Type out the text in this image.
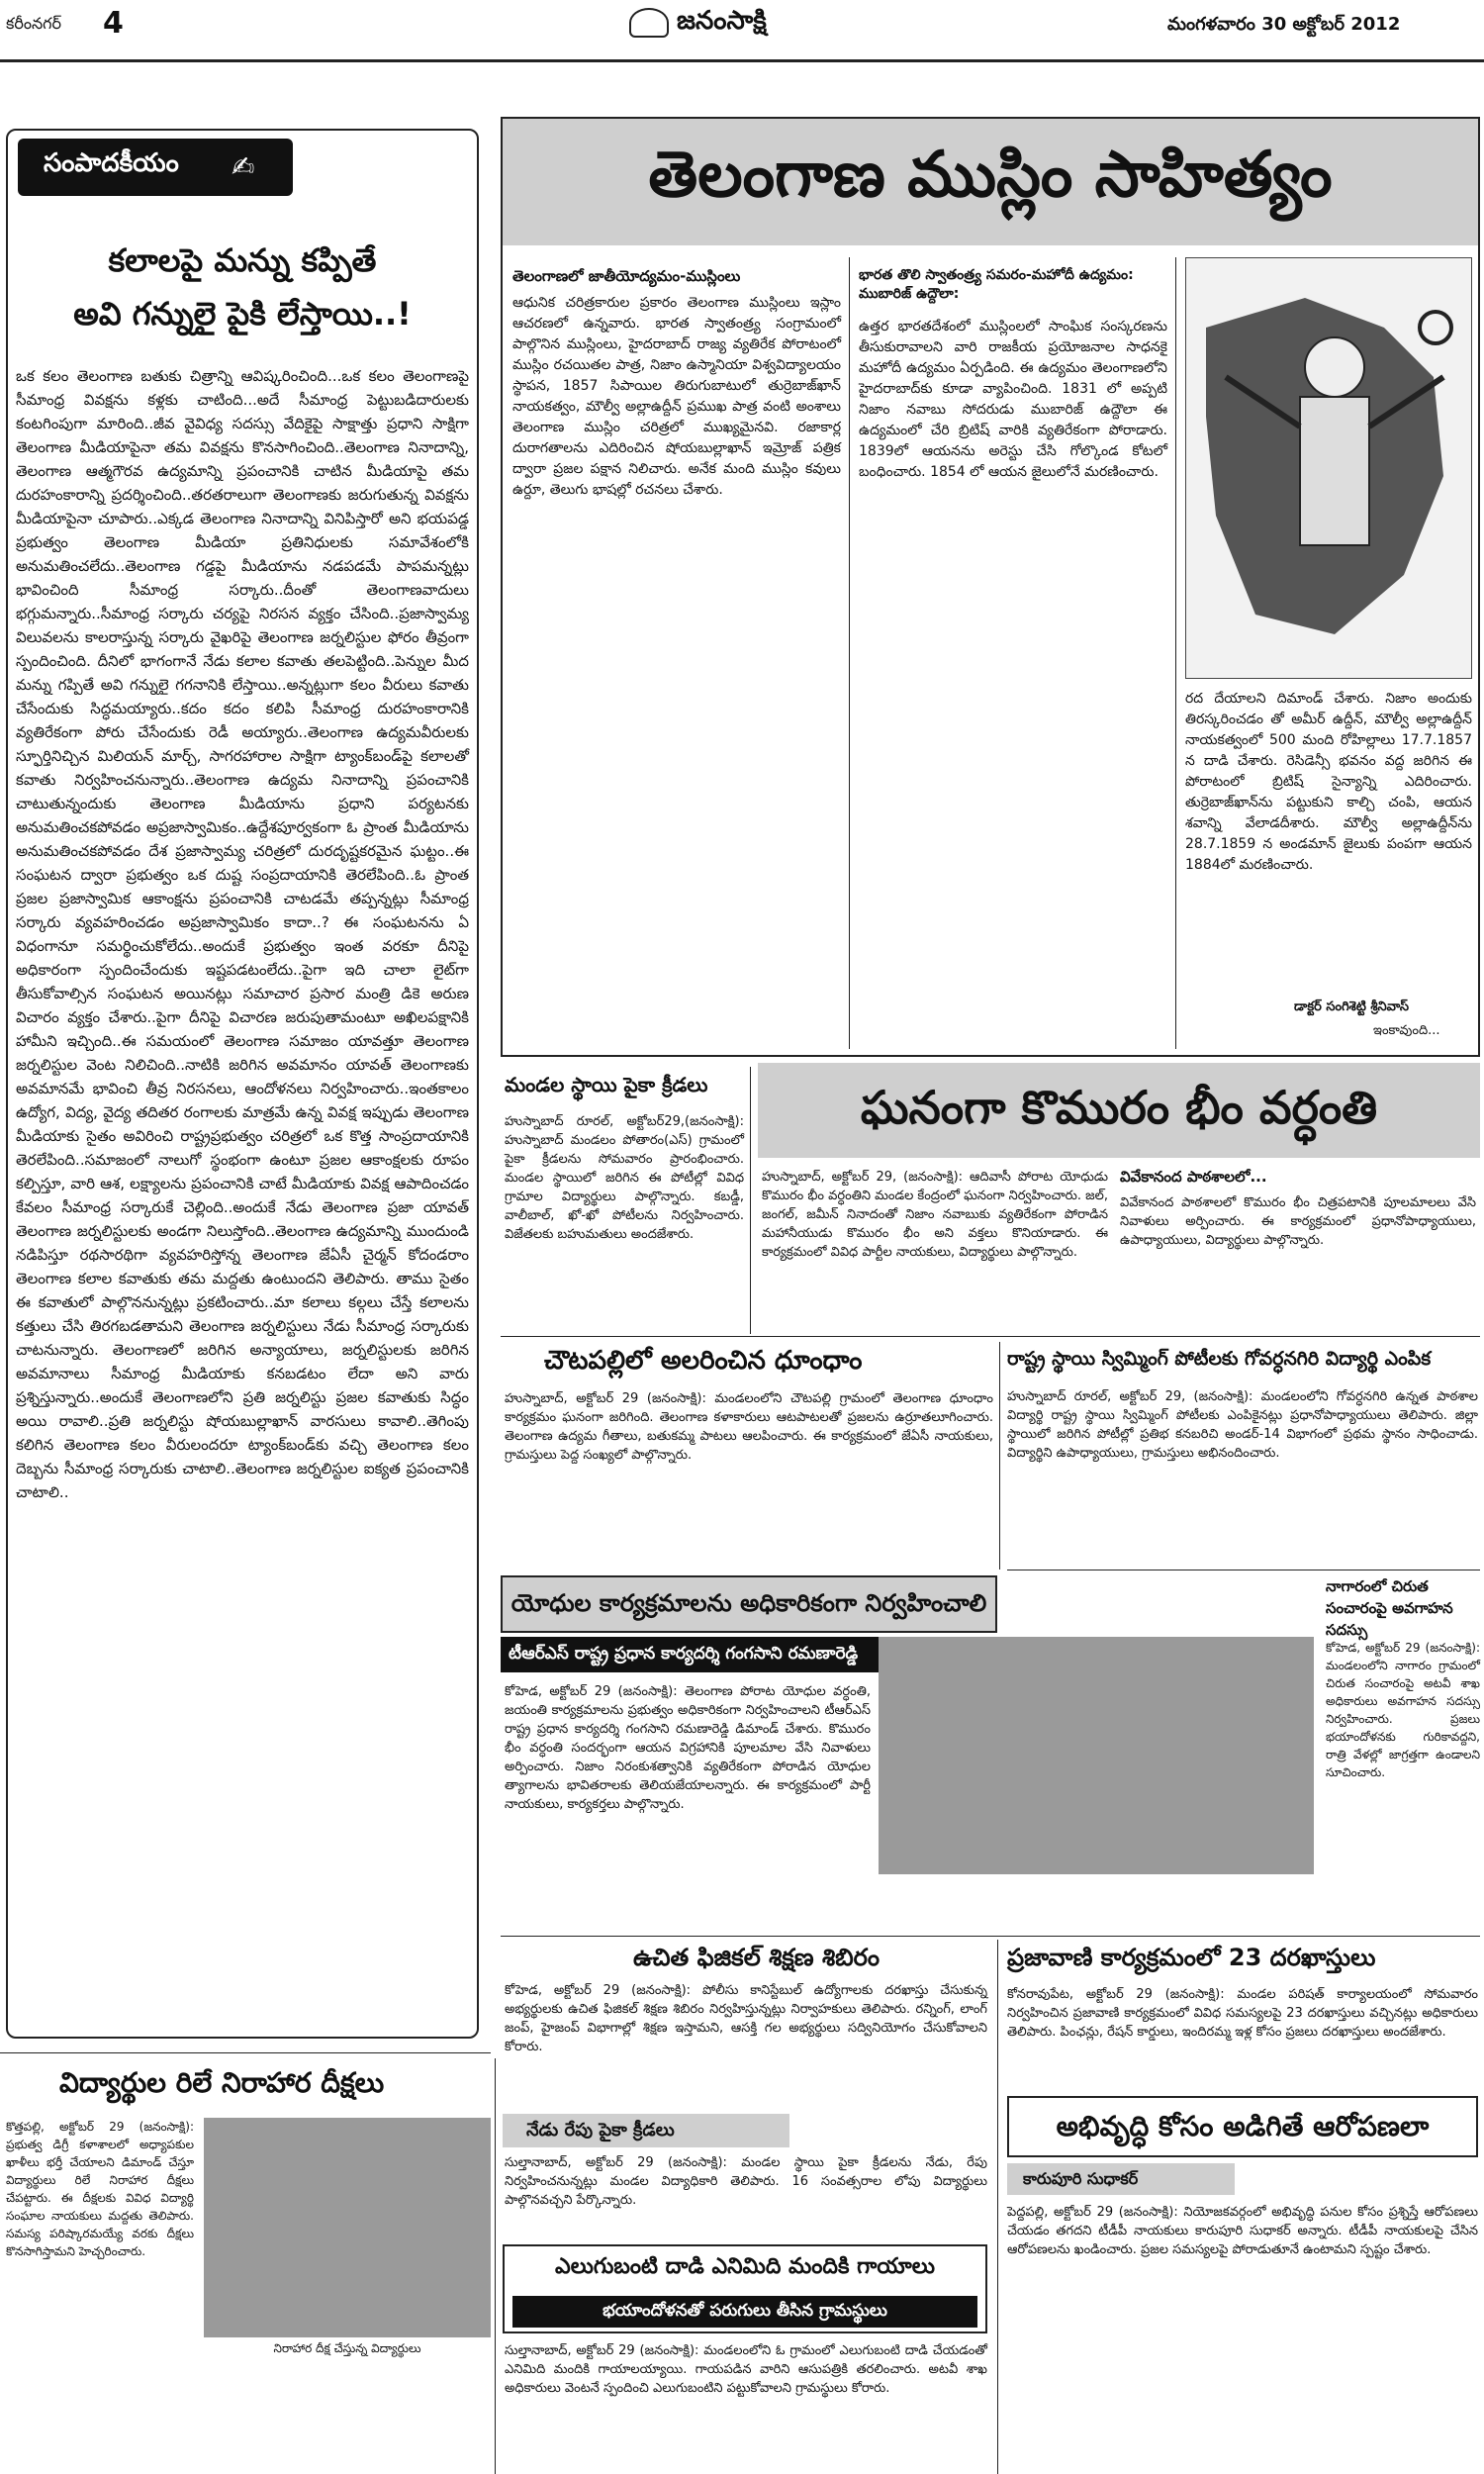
కరీంనగర్ 4	జనంసాక్షి	మంగళవారం 30 అక్టోబర్ 2012
సంపాదకీయం ✍
కలాలపై మన్ను కప్పితే
అవి గన్నులై పైకి లేస్తాయి..!
ఒక కలం తెలంగాణ బతుకు చిత్రాన్ని ఆవిష్కరించింది...ఒక కలం తెలంగాణపై సీమాంధ్ర వివక్షను కళ్లకు చాటింది...అదే సీమాంధ్ర పెట్టుబడిదారులకు కంటగింపుగా మారింది..జీవ వైవిధ్య సదస్సు వేదికైపై సాక్షాత్తు ప్రధాని సాక్షిగా తెలంగాణ మీడియాపైనా తమ వివక్షను కొనసాగించింది..తెలంగాణ నినాదాన్ని, తెలంగాణ ఆత్మగౌరవ ఉద్యమాన్ని ప్రపంచానికి చాటిన మీడియాపై తమ దురహంకారాన్ని ప్రదర్శించింది..తరతరాలుగా తెలంగాణకు జరుగుతున్న వివక్షను మీడియాపైనా చూపారు..ఎక్కడ తెలంగాణ నినాదాన్ని వినిపిస్తారో అని భయపడ్డ ప్రభుత్వం తెలంగాణ మీడియా ప్రతినిధులకు సమావేశంలోకి అనుమతించలేదు..తెలంగాణ గడ్డపై మీడియాను నడపడమే పాపమన్నట్లు భావించింది సీమాంధ్ర సర్కారు..దీంతో తెలంగాణవాదులు భగ్గుమన్నారు..సీమాంధ్ర సర్కారు చర్యపై నిరసన వ్యక్తం చేసింది..ప్రజాస్వామ్య విలువలను కాలరాస్తున్న సర్కారు వైఖరిపై తెలంగాణ జర్నలిస్టుల ఫోరం తీవ్రంగా స్పందించింది. దీనిలో భాగంగానే నేడు కలాల కవాతు తలపెట్టింది..పెన్నుల మీద మన్ను గప్పితే అవి గన్నులై గగనానికి లేస్తాయి..అన్నట్లుగా కలం వీరులు కవాతు చేసేందుకు సిద్ధమయ్యారు..కదం కదం కలిపి సీమాంధ్ర దురహంకారానికి వ్యతిరేకంగా పోరు చేసేందుకు రెడీ అయ్యారు..తెలంగాణ ఉద్యమవీరులకు స్ఫూర్తినిచ్చిన మిలియన్ మార్చ్, సాగరహారాల సాక్షిగా ట్యాంక్‌బండ్‌పై కలాలతో కవాతు నిర్వహించనున్నారు..తెలంగాణ ఉద్యమ నినాదాన్ని ప్రపంచానికి చాటుతున్నందుకు తెలంగాణ మీడియాను ప్రధాని పర్యటనకు అనుమతించకపోవడం అప్రజాస్వామికం..ఉద్దేశపూర్వకంగా ఓ ప్రాంత మీడియాను అనుమతించకపోవడం దేశ ప్రజాస్వామ్య చరిత్రలో దురదృష్టకరమైన ఘట్టం..ఈ సంఘటన ద్వారా ప్రభుత్వం ఒక దుష్ట సంప్రదాయానికి తెరలేపింది..ఓ ప్రాంత ప్రజల ప్రజాస్వామిక ఆకాంక్షను ప్రపంచానికి చాటడమే తప్పన్నట్లు సీమాంధ్ర సర్కారు వ్యవహరించడం అప్రజాస్వామికం కాదా..? ఈ సంఘటనను ఏ విధంగానూ సమర్థించుకోలేదు..అందుకే ప్రభుత్వం ఇంత వరకూ దీనిపై అధికారంగా స్పందించేందుకు ఇష్టపడటంలేదు..పైగా ఇది చాలా లైట్‌గా తీసుకోవాల్సిన సంఘటన అయినట్లు సమాచార ప్రసార మంత్రి డికె అరుణ విచారం వ్యక్తం చేశారు..పైగా దీనిపై విచారణ జరుపుతామంటూ అఖిలపక్షానికి హామీని ఇచ్చింది..ఈ సమయంలో తెలంగాణ సమాజం యావత్తూ తెలంగాణ జర్నలిస్టుల వెంట నిలిచింది..నాటికి జరిగిన అవమానం యావత్ తెలంగాణకు అవమానమే భావించి తీవ్ర నిరసనలు, ఆందోళనలు నిర్వహించారు..ఇంతకాలం ఉద్యోగ, విద్య, వైద్య తదితర రంగాలకు మాత్రమే ఉన్న వివక్ష ఇప్పుడు తెలంగాణ మీడియాకు సైతం అవిరించి రాష్ట్రప్రభుత్వం చరిత్రలో ఒక కొత్త సాంప్రదాయానికి తెరలేపింది..సమాజంలో నాలుగో స్థంభంగా ఉంటూ ప్రజల ఆకాంక్షలకు రూపం కల్పిస్తూ, వారి ఆశ, లక్ష్యాలను ప్రపంచానికి చాటే మీడియాకు వివక్ష ఆపాదించడం కేవలం సీమాంధ్ర సర్కారుకే చెల్లింది..అందుకే నేడు తెలంగాణ ప్రజా యావత్ తెలంగాణ జర్నలిస్టులకు అండగా నిలుస్తోంది..తెలంగాణ ఉద్యమాన్ని ముందుండి నడిపిస్తూ రథసారథిగా వ్యవహరిస్తోన్న తెలంగాణ జేఏసీ చైర్మన్ కోదండరాం తెలంగాణ కలాల కవాతుకు తమ మద్దతు ఉంటుందని తెలిపారు. తాము సైతం ఈ కవాతులో పాల్గొననున్నట్లు ప్రకటించారు..మా కలాలు కల్గలు చేస్తే కలాలను కత్తులు చేసి తిరగబడతామని తెలంగాణ జర్నలిస్టులు నేడు సీమాంధ్ర సర్కారుకు చాటనున్నారు. తెలంగాణలో జరిగిన అన్యాయాలు, జర్నలిస్టులకు జరిగిన అవమానాలు సీమాంధ్ర మీడియాకు కనబడటం లేదా అని వారు ప్రశ్నిస్తున్నారు..అందుకే తెలంగాణలోని ప్రతి జర్నలిస్టు ప్రజల కవాతుకు సిద్ధం అయి రావాలి..ప్రతి జర్నలిస్టు షోయబుల్లాఖాన్ వారసులు కావాలి..తెగింపు కలిగిన తెలంగాణ కలం వీరులందరూ ట్యాంక్‌బండ్‌కు వచ్చి తెలంగాణ కలం దెబ్బను సీమాంధ్ర సర్కారుకు చాటాలి..తెలంగాణ జర్నలిస్టుల ఐక్యత ప్రపంచానికి చాటాలి..
తెలంగాణ ముస్లిం సాహిత్యం
తెలంగాణలో జాతీయోద్యమం-ముస్లింలు
ఆధునిక చరిత్రకారుల ప్రకారం తెలంగాణ ముస్లింలు ఇస్లాం ఆచరణలో ఉన్నవారు. భారత స్వాతంత్ర్య సంగ్రామంలో పాల్గొనిన ముస్లింలు, హైదరాబాద్ రాజ్య వ్యతిరేక పోరాటంలో ముస్లిం రచయితల పాత్ర, నిజాం ఉస్మానియా విశ్వవిద్యాలయం స్థాపన, 1857 సిపాయిల తిరుగుబాటులో తుర్రెబాజ్‌ఖాన్ నాయకత్వం, మౌల్వీ అల్లాఉద్దీన్ ప్రముఖ పాత్ర వంటి అంశాలు తెలంగాణ ముస్లిం చరిత్రలో ముఖ్యమైనవి. రజాకార్ల దురాగతాలను ఎదిరించిన షోయబుల్లాఖాన్ ఇమ్రోజ్ పత్రిక ద్వారా ప్రజల పక్షాన నిలిచారు. అనేక మంది ముస్లిం కవులు ఉర్దూ, తెలుగు భాషల్లో రచనలు చేశారు.
భారత తొలి స్వాతంత్ర్య సమరం-మహోదీ ఉద్యమం: ముబారిజ్ ఉద్దౌలా:
ఉత్తర భారతదేశంలో ముస్లింలలో సాంఘిక సంస్కరణను తీసుకురావాలని వారి రాజకీయ ప్రయోజనాల సాధనకై మహోదీ ఉద్యమం ఏర్పడింది. ఈ ఉద్యమం తెలంగాణలోని హైదరాబాద్‌కు కూడా వ్యాపించింది. 1831 లో అప్పటి నిజాం నవాబు సోదరుడు ముబారిజ్ ఉద్దౌలా ఈ ఉద్యమంలో చేరి బ్రిటిష్ వారికి వ్యతిరేకంగా పోరాడారు. 1839లో ఆయనను అరెస్టు చేసి గోల్కొండ కోటలో బంధించారు. 1854 లో ఆయన జైలులోనే మరణించారు.
రద దేయాలని దిమాండ్ చేశారు. నిజాం అందుకు తిరస్కరించడం తో అమీర్ ఉద్దీన్, మౌల్వీ అల్లాఉద్దీన్ నాయకత్వంలో 500 మంది రోహిల్లాలు 17.7.1857 న దాడి చేశారు. రెసిడెన్సీ భవనం వద్ద జరిగిన ఈ పోరాటంలో బ్రిటిష్ సైన్యాన్ని ఎదిరించారు. తుర్రెబాజ్‌ఖాన్‌ను పట్టుకుని కాల్చి చంపి, ఆయన శవాన్ని వేలాడదీశారు. మౌల్వీ అల్లాఉద్దీన్‌ను 28.7.1859 న అండమాన్ జైలుకు పంపగా ఆయన 1884లో మరణించారు.
డాక్టర్ సంగిశెట్టి శ్రీనివాస్
ఇంకావుంది...
మండల స్థాయి పైకా క్రీడలు
హుస్నాబాద్ రూరల్, అక్టోబర్29,(జనంసాక్షి): హుస్నాబాద్ మండలం పోతారం(ఎస్) గ్రామంలో పైకా క్రీడలను సోమవారం ప్రారంభించారు. మండల స్థాయిలో జరిగిన ఈ పోటీల్లో వివిధ గ్రామాల విద్యార్థులు పాల్గొన్నారు. కబడ్డీ, వాలీబాల్, ఖో-ఖో పోటీలను నిర్వహించారు. విజేతలకు బహుమతులు అందజేశారు.
ఘనంగా కొమురం భీం వర్ధంతి
హుస్నాబాద్, అక్టోబర్ 29, (జనంసాక్షి): ఆదివాసీ పోరాట యోధుడు కొమురం భీం వర్ధంతిని మండల కేంద్రంలో ఘనంగా నిర్వహించారు. జల్, జంగల్, జమీన్ నినాదంతో నిజాం నవాబుకు వ్యతిరేకంగా పోరాడిన మహానీయుడు కొమురం భీం అని వక్తలు కొనియాడారు. ఈ కార్యక్రమంలో వివిధ పార్టీల నాయకులు, విద్యార్థులు పాల్గొన్నారు.
వివేకానంద పాఠశాలలో...
వివేకానంద పాఠశాలలో కొమురం భీం చిత్రపటానికి పూలమాలలు వేసి నివాళులు అర్పించారు. ఈ కార్యక్రమంలో ప్రధానోపాధ్యాయులు, ఉపాధ్యాయులు, విద్యార్థులు పాల్గొన్నారు.
చౌటపల్లిలో అలరించిన ధూంధాం
హుస్నాబాద్, అక్టోబర్ 29 (జనంసాక్షి): మండలంలోని చౌటపల్లి గ్రామంలో తెలంగాణ ధూంధాం కార్యక్రమం ఘనంగా జరిగింది. తెలంగాణ కళాకారులు ఆటపాటలతో ప్రజలను ఉర్రూతలూగించారు. తెలంగాణ ఉద్యమ గీతాలు, బతుకమ్మ పాటలు ఆలపించారు. ఈ కార్యక్రమంలో జేఏసీ నాయకులు, గ్రామస్తులు పెద్ద సంఖ్యలో పాల్గొన్నారు.
రాష్ట్ర స్థాయి స్విమ్మింగ్ పోటీలకు గోవర్ధనగిరి విద్యార్థి ఎంపిక
హుస్నాబాద్ రూరల్, అక్టోబర్ 29, (జనంసాక్షి): మండలంలోని గోవర్ధనగిరి ఉన్నత పాఠశాల విద్యార్థి రాష్ట్ర స్థాయి స్విమ్మింగ్ పోటీలకు ఎంపికైనట్లు ప్రధానోపాధ్యాయులు తెలిపారు. జిల్లా స్థాయిలో జరిగిన పోటీల్లో ప్రతిభ కనబరిచి అండర్-14 విభాగంలో ప్రథమ స్థానం సాధించాడు. విద్యార్థిని ఉపాధ్యాయులు, గ్రామస్తులు అభినందించారు.
యోధుల కార్యక్రమాలను అధికారికంగా నిర్వహించాలి
టీఆర్ఎస్ రాష్ట్ర ప్రధాన కార్యదర్శి గంగసాని రమణారెడ్డి
కోహెడ, అక్టోబర్ 29 (జనంసాక్షి): తెలంగాణ పోరాట యోధుల వర్ధంతి, జయంతి కార్యక్రమాలను ప్రభుత్వం అధికారికంగా నిర్వహించాలని టీఆర్ఎస్ రాష్ట్ర ప్రధాన కార్యదర్శి గంగసాని రమణారెడ్డి డిమాండ్ చేశారు. కొమురం భీం వర్ధంతి సందర్భంగా ఆయన విగ్రహానికి పూలమాల వేసి నివాళులు అర్పించారు. నిజాం నిరంకుశత్వానికి వ్యతిరేకంగా పోరాడిన యోధుల త్యాగాలను భావితరాలకు తెలియజేయాలన్నారు. ఈ కార్యక్రమంలో పార్టీ నాయకులు, కార్యకర్తలు పాల్గొన్నారు.
నాగారంలో చిరుత సంచారంపై అవగాహన సదస్సు
కోహెడ, అక్టోబర్ 29 (జనంసాక్షి): మండలంలోని నాగారం గ్రామంలో చిరుత సంచారంపై అటవీ శాఖ అధికారులు అవగాహన సదస్సు నిర్వహించారు. ప్రజలు భయాందోళనకు గురికావద్దని, రాత్రి వేళల్లో జాగ్రత్తగా ఉండాలని సూచించారు.
ఉచిత ఫిజికల్ శిక్షణ శిబిరం
కోహెడ, అక్టోబర్ 29 (జనంసాక్షి): పోలీసు కానిస్టేబుల్ ఉద్యోగాలకు దరఖాస్తు చేసుకున్న అభ్యర్థులకు ఉచిత ఫిజికల్ శిక్షణ శిబిరం నిర్వహిస్తున్నట్లు నిర్వాహకులు తెలిపారు. రన్నింగ్, లాంగ్ జంప్, హైజంప్ విభాగాల్లో శిక్షణ ఇస్తామని, ఆసక్తి గల అభ్యర్థులు సద్వినియోగం చేసుకోవాలని కోరారు.
ప్రజావాణి కార్యక్రమంలో 23 దరఖాస్తులు
కోనరావుపేట, అక్టోబర్ 29 (జనంసాక్షి): మండల పరిషత్ కార్యాలయంలో సోమవారం నిర్వహించిన ప్రజావాణి కార్యక్రమంలో వివిధ సమస్యలపై 23 దరఖాస్తులు వచ్చినట్లు అధికారులు తెలిపారు. పింఛన్లు, రేషన్ కార్డులు, ఇందిరమ్మ ఇళ్ల కోసం ప్రజలు దరఖాస్తులు అందజేశారు.
నేడు రేపు పైకా క్రీడలు
సుల్తానాబాద్, అక్టోబర్ 29 (జనంసాక్షి): మండల స్థాయి పైకా క్రీడలను నేడు, రేపు నిర్వహించనున్నట్లు మండల విద్యాధికారి తెలిపారు. 16 సంవత్సరాల లోపు విద్యార్థులు పాల్గొనవచ్చని పేర్కొన్నారు.
ఎలుగుబంటి దాడి ఎనిమిది మందికి గాయాలు
భయాందోళనతో పరుగులు తీసిన గ్రామస్థులు
సుల్తానాబాద్, అక్టోబర్ 29 (జనంసాక్షి): మండలంలోని ఓ గ్రామంలో ఎలుగుబంటి దాడి చేయడంతో ఎనిమిది మందికి గాయాలయ్యాయి. గాయపడిన వారిని ఆసుపత్రికి తరలించారు. అటవీ శాఖ అధికారులు వెంటనే స్పందించి ఎలుగుబంటిని పట్టుకోవాలని గ్రామస్థులు కోరారు.
అభివృద్ధి కోసం అడిగితే ఆరోపణలా
కారుపూరి సుధాకర్
పెద్దపల్లి, అక్టోబర్ 29 (జనంసాక్షి): నియోజకవర్గంలో అభివృద్ధి పనుల కోసం ప్రశ్నిస్తే ఆరోపణలు చేయడం తగదని టీడీపీ నాయకులు కారుపూరి సుధాకర్ అన్నారు. టీడీపీ నాయకులపై చేసిన ఆరోపణలను ఖండించారు. ప్రజల సమస్యలపై పోరాడుతూనే ఉంటామని స్పష్టం చేశారు.
విద్యార్థుల రిలే నిరాహార దీక్షలు
కొత్తపల్లి, అక్టోబర్ 29 (జనంసాక్షి): ప్రభుత్వ డిగ్రీ కళాశాలలో అధ్యాపకుల ఖాళీలు భర్తీ చేయాలని డిమాండ్ చేస్తూ విద్యార్థులు రిలే నిరాహార దీక్షలు చేపట్టారు. ఈ దీక్షలకు వివిధ విద్యార్థి సంఘాల నాయకులు మద్దతు తెలిపారు. సమస్య పరిష్కారమయ్యే వరకు దీక్షలు కొనసాగిస్తామని హెచ్చరించారు.
నిరాహార దీక్ష చేస్తున్న విద్యార్థులు
